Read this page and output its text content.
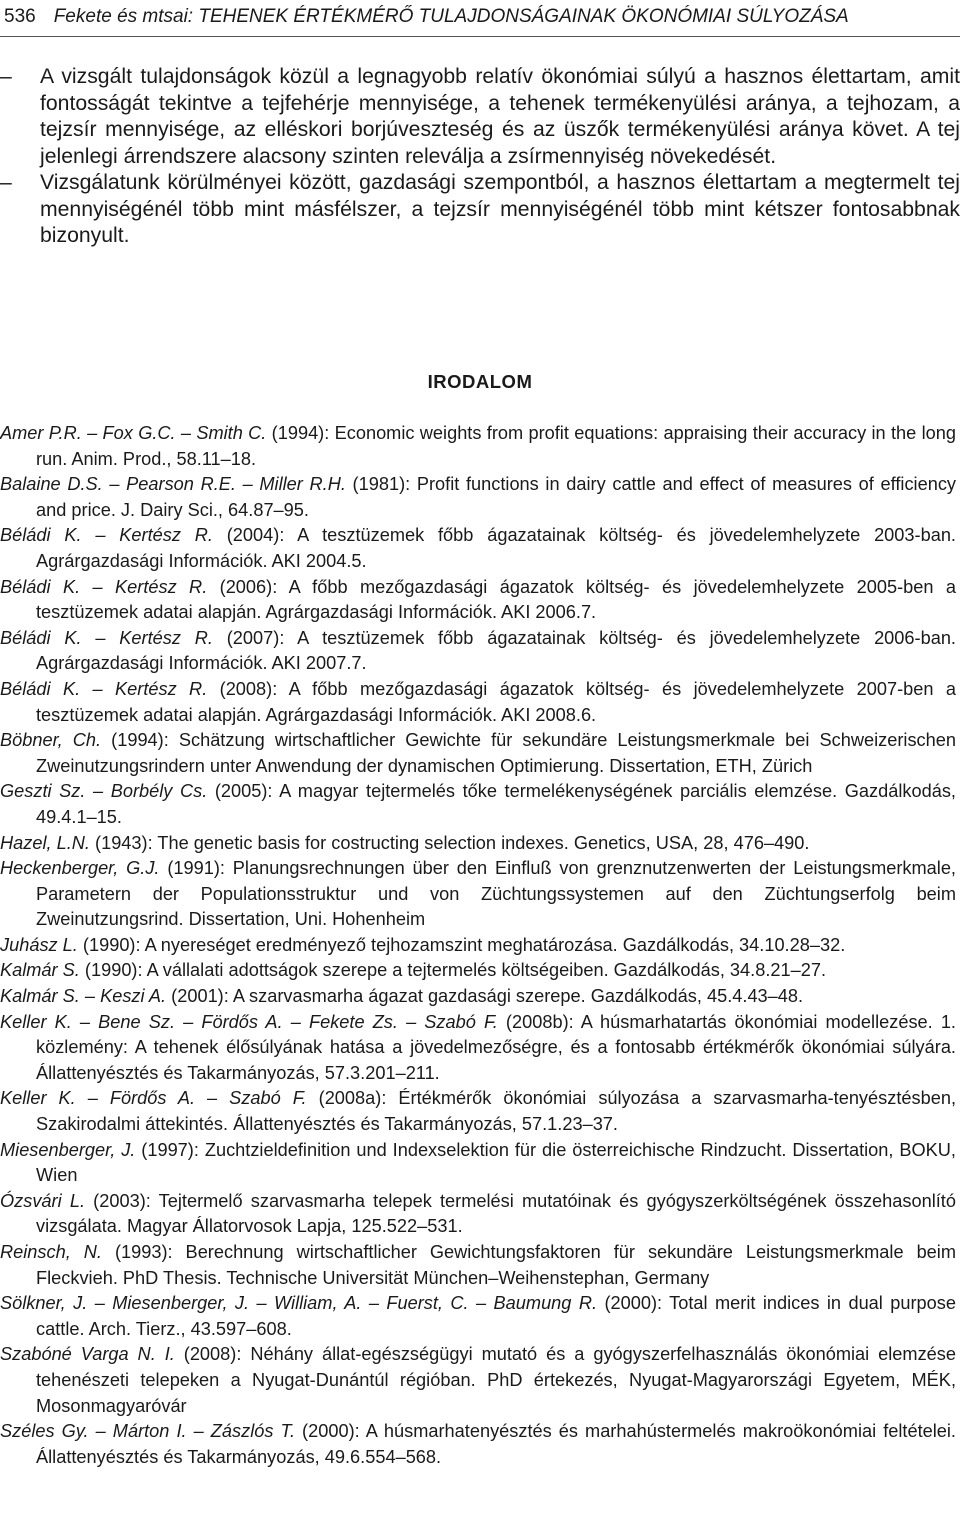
536 Fekete és mtsai: TEHENEK ÉRTÉKMÉRŐ TULAJDONSÁGAINAK ÖKONÓMIAI SÚLYOZÁSA
– A vizsgált tulajdonságok közül a legnagyobb relatív ökonómiai súlyú a hasznos élettartam, amit fontosságát tekintve a tejfehérje mennyisége, a tehenek termékenyülési aránya, a tejhozam, a tejzsír mennyisége, az elléskori borjúveszteség és az üszők termékenyülési aránya követ. A tej jelenlegi árrendszere alacsony szinten releválja a zsírmennyiség növekedését.
– Vizsgálatunk körülményei között, gazdasági szempontból, a hasznos élettartam a megtermelt tej mennyiségénél több mint másfélszer, a tejzsír mennyiségénél több mint kétszer fontosabbnak bizonyult.
IRODALOM
Amer P.R. – Fox G.C. – Smith C. (1994): Economic weights from profit equations: appraising their accuracy in the long run. Anim. Prod., 58.11–18.
Balaine D.S. – Pearson R.E. – Miller R.H. (1981): Profit functions in dairy cattle and effect of measures of efficiency and price. J. Dairy Sci., 64.87–95.
Béládi K. – Kertész R. (2004): A tesztüzemek főbb ágazatainak költség- és jövedelemhelyzete 2003-ban. Agrárgazdasági Információk. AKI 2004.5.
Béládi K. – Kertész R. (2006): A főbb mezőgazdasági ágazatok költség- és jövedelemhelyzete 2005-ben a tesztüzemek adatai alapján. Agrárgazdasági Információk. AKI 2006.7.
Béládi K. – Kertész R. (2007): A tesztüzemek főbb ágazatainak költség- és jövedelemhelyzete 2006-ban. Agrárgazdasági Információk. AKI 2007.7.
Béládi K. – Kertész R. (2008): A főbb mezőgazdasági ágazatok költség- és jövedelemhelyzete 2007-ben a tesztüzemek adatai alapján. Agrárgazdasági Információk. AKI 2008.6.
Böbner, Ch. (1994): Schätzung wirtschaftlicher Gewichte für sekundäre Leistungsmerkmale bei Schweizerischen Zweinutzungsrindern unter Anwendung der dynamischen Optimierung. Dissertation, ETH, Zürich
Geszti Sz. – Borbély Cs. (2005): A magyar tejtermelés tőke termelékenységének parciális elemzése. Gazdálkodás, 49.4.1–15.
Hazel, L.N. (1943): The genetic basis for costructing selection indexes. Genetics, USA, 28, 476–490.
Heckenberger, G.J. (1991): Planungsrechnungen über den Einfluß von grenznutzenwerten der Leistungsmerkmale, Parametern der Populationsstruktur und von Züchtungssystemen auf den Züchtungserfolg beim Zweinutzungsrind. Dissertation, Uni. Hohenheim
Juhász L. (1990): A nyereséget eredményező tejhozamszint meghatározása. Gazdálkodás, 34.10.28–32.
Kalmár S. (1990): A vállalati adottságok szerepe a tejtermelés költségeiben. Gazdálkodás, 34.8.21–27.
Kalmár S. – Keszi A. (2001): A szarvasmarha ágazat gazdasági szerepe. Gazdálkodás, 45.4.43–48.
Keller K. – Bene Sz. – Fördős A. – Fekete Zs. – Szabó F. (2008b): A húsmarhatartás ökonómiai modellezése. 1. közlemény: A tehenek élősúlyának hatása a jövedelmezőségre, és a fontosabb értékmérők ökonómiai súlyára. Állattenyésztés és Takarmányozás, 57.3.201–211.
Keller K. – Fördős A. – Szabó F. (2008a): Értékmérők ökonómiai súlyozása a szarvasmarha-tenyésztésben, Szakirodalmi áttekintés. Állattenyésztés és Takarmányozás, 57.1.23–37.
Miesenberger, J. (1997): Zuchtzieldefinition und Indexselektion für die österreichische Rindzucht. Dissertation, BOKU, Wien
Ózsvári L. (2003): Tejtermelő szarvasmarha telepek termelési mutatóinak és gyógyszerköltségének összehasonlító vizsgálata. Magyar Állatorvosok Lapja, 125.522–531.
Reinsch, N. (1993): Berechnung wirtschaftlicher Gewichtungsfaktoren für sekundäre Leistungsmerkmale beim Fleckvieh. PhD Thesis. Technische Universität München–Weihenstephan, Germany
Sölkner, J. – Miesenberger, J. – William, A. – Fuerst, C. – Baumung R. (2000): Total merit indices in dual purpose cattle. Arch. Tierz., 43.597–608.
Szabóné Varga N. I. (2008): Néhány állat-egészségügyi mutató és a gyógyszerfelhasználás ökonómiai elemzése tehenészeti telepeken a Nyugat-Dunántúl régióban. PhD értekezés, Nyugat-Magyarországi Egyetem, MÉK, Mosonmagyaróvár
Széles Gy. – Márton I. – Zászlós T. (2000): A húsmarhatenyésztés és marhahústermelés makroökonómiai feltételei. Állattenyésztés és Takarmányozás, 49.6.554–568.
